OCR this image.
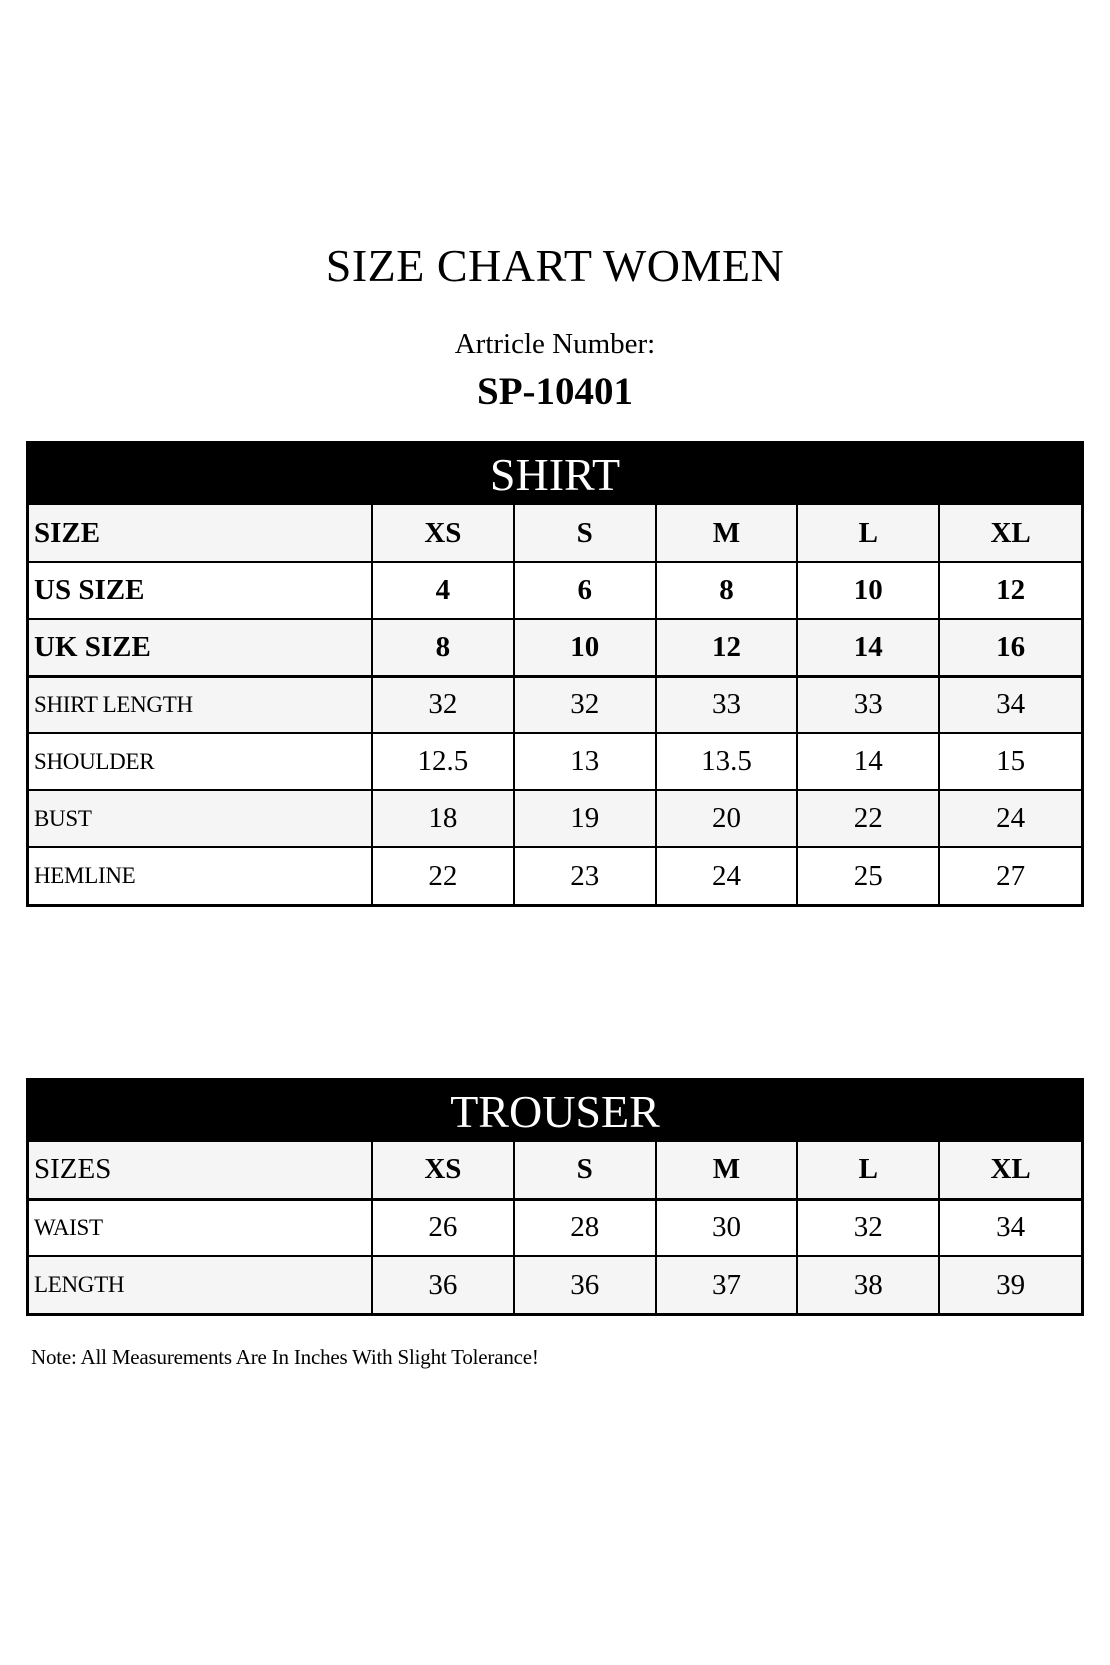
SIZE CHART WOMEN
Artricle Number:
SP-10401
SHIRT
SIZE	XS	S	M	L	XL
US SIZE	4	6	8	10	12
UK SIZE	8	10	12	14	16
SHIRT LENGTH	32	32	33	33	34
SHOULDER	12.5	13	13.5	14	15
BUST	18	19	20	22	24
HEMLINE	22	23	24	25	27
TROUSER
SIZES	XS	S	M	L	XL
WAIST	26	28	30	32	34
LENGTH	36	36	37	38	39
Note: All Measurements Are In Inches With Slight Tolerance!
